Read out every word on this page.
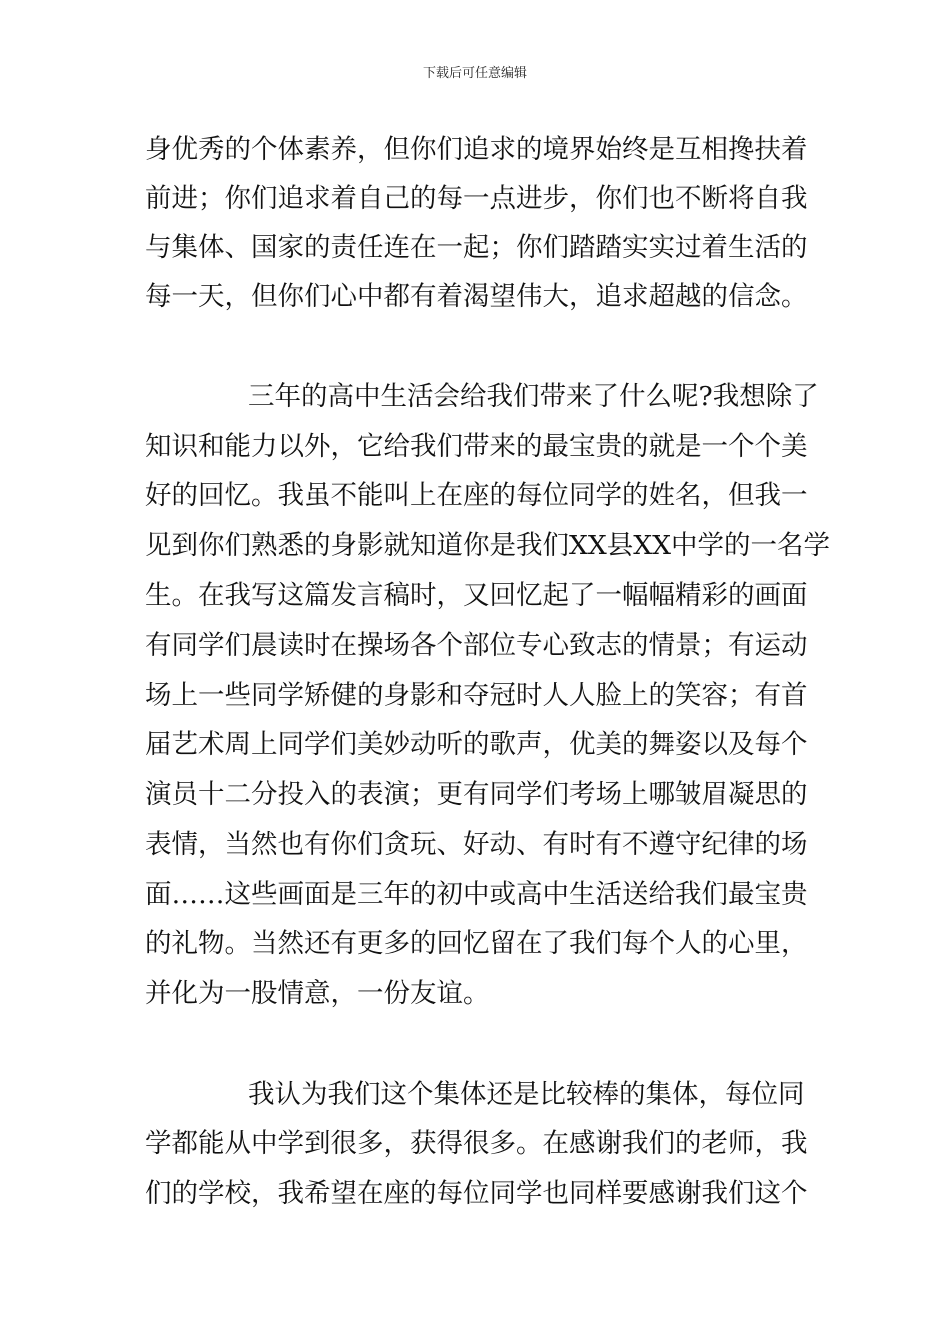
下载后可任意编辑
身优秀的个体素养，但你们追求的境界始终是互相搀扶着
前进；你们追求着自己的每一点进步，你们也不断将自我
与集体、国家的责任连在一起；你们踏踏实实过着生活的
每一天，但你们心中都有着渴望伟大，追求超越的信念。
三年的高中生活会给我们带来了什么呢?我想除了
知识和能力以外，它给我们带来的最宝贵的就是一个个美
好的回忆。我虽不能叫上在座的每位同学的姓名，但我一
见到你们熟悉的身影就知道你是我们XX县XX中学的一名学
生。在我写这篇发言稿时，又回忆起了一幅幅精彩的画面
有同学们晨读时在操场各个部位专心致志的情景；有运动
场上一些同学矫健的身影和夺冠时人人脸上的笑容；有首
届艺术周上同学们美妙动听的歌声，优美的舞姿以及每个
演员十二分投入的表演；更有同学们考场上哪皱眉凝思的
表情，当然也有你们贪玩、好动、有时有不遵守纪律的场
面……这些画面是三年的初中或高中生活送给我们最宝贵
的礼物。当然还有更多的回忆留在了我们每个人的心里，
并化为一股情意，一份友谊。
我认为我们这个集体还是比较棒的集体，每位同
学都能从中学到很多，获得很多。在感谢我们的老师，我
们的学校，我希望在座的每位同学也同样要感谢我们这个
